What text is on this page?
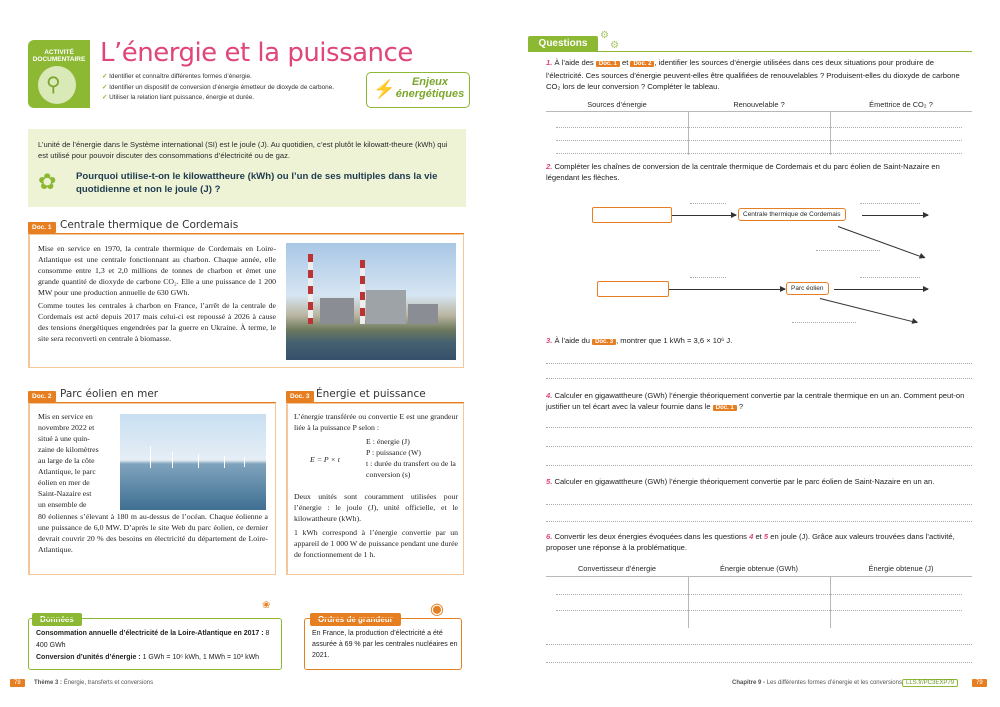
ACTIVITÉ
DOCUMENTAIRE
⚲
L’énergie et la puissance
✓ Identifier et connaître différentes formes d’énergie.
✓ Identifier un dispositif de conversion d’énergie émetteur de dioxyde de carbone.
✓ Utiliser la relation liant puissance, énergie et durée.	⚡	Enjeux
énergétiques

L’unité de l’énergie dans le Système international (SI) est le joule (J). Au quotidien, c’est plutôt le kilowatt-theure (kWh) qui est utilisé pour pouvoir discuter des consommations d’électricité ou de gaz.

✿ Pourquoi utilise-t-on le kilowattheure (kWh) ou l’un de ses multiples dans la vie quotidienne et non le joule (J) ?

Doc. 1 Centrale thermique de Cordemais

Mise en service en 1970, la centrale thermique de Cordemais en Loire-Atlantique est une centrale fonctionnant au charbon. Chaque année, elle consomme entre 1,3 et 2,0 millions de tonnes de charbon et émet une grande quantité de dioxyde de carbone CO₂. Elle a une puissance de 1 200 MW pour une production annuelle de 630 GWh.

Comme toutes les centrales à charbon en France, l’arrêt de la centrale de Cordemais est acté depuis 2017 mais celui-ci est repoussé à 2026 à cause des tensions énergétiques engendrées par la guerre en Ukraine. À terme, le site sera reconverti en centrale à biomasse.

Doc. 2 Parc éolien en mer
Mis en service en
novembre 2022 et
situé à une quin-
zaine de kilomètres
au large de la côte
Atlantique, le parc
éolien en mer de
Saint-Nazaire est
un ensemble de

80 éoliennes s’élevant à 180 m au-dessus de l’océan. Chaque éolienne a une puissance de 6,0 MW. D’après le site Web du parc éolien, ce dernier devrait couvrir 20 % des besoins en électricité du département de Loire-Atlantique.

Doc. 3 Énergie et puissance

L’énergie transférée ou convertie E est une grandeur liée à la puissance P selon :

E = P × t
E : énergie (J)
P : puissance (W)
t : durée du transfert ou de la conversion (s)

Deux unités sont couramment utilisées pour l’énergie : le joule (J), unité officielle, et le kilowattheure (kWh).

1 kWh correspond à l’énergie convertie par un appareil de 1 000 W de puissance pendant une durée de fonctionnement de 1 h.

❀
Données
Consommation annuelle d’électricité de la Loire-Atlantique en 2017 : 8 400 GWh
Conversion d’unités d’énergie : 1 GWh = 10⁶ kWh, 1 MWh = 10³ kWh
◉
Ordres de grandeur

En France, la production d’électricité a été assurée à 69 % par les centrales nucléaires en 2021.

78	Thème 3 : Énergie, transferts et conversions
Questions
⚙
⚙

1. À l’aide des Doc. 1 et Doc. 2 , identifier les sources d’énergie utilisées dans ces deux situations pour produire de l’électricité. Ces sources d’énergie peuvent-elles être qualifiées de renouvelables ? Produisent-elles du dioxyde de carbone CO₂ lors de leur conversion ? Compléter le tableau.

Sources d’énergie	Renouvelable ?	Émettrice de CO₂ ?

2. Compléter les chaînes de conversion de la centrale thermique de Cordemais et du parc éolien de Saint-Nazaire en légendant les flèches.

Centrale thermique de Cordemais
Parc éolien

3. À l’aide du Doc. 3 , montrer que 1 kWh = 3,6 × 10⁶ J.

4. Calculer en gigawattheure (GWh) l’énergie théoriquement convertie par la centrale thermique en un an. Comment peut-on justifier un tel écart avec la valeur fournie dans le Doc. 1 ?

5. Calculer en gigawattheure (GWh) l’énergie théoriquement convertie par le parc éolien de Saint-Nazaire en un an.

6. Convertir les deux énergies évoquées dans les questions 4 et 5 en joule (J). Grâce aux valeurs trouvées dans l’activité, proposer une réponse à la problématique.

Convertisseur d’énergie	Énergie obtenue (GWh)	Énergie obtenue (J)
Chapitre 9 - Les différentes formes d’énergie et les conversions LLS.fr/PC3EXP79	79
